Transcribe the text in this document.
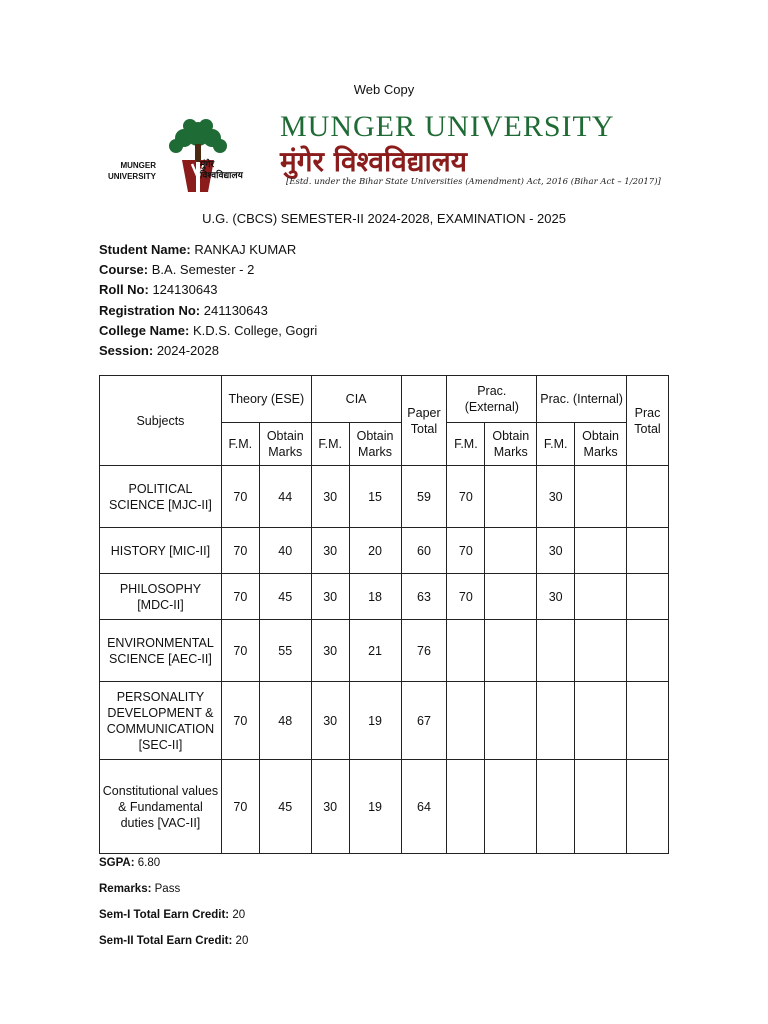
Web Copy
MUNGER
UNIVERSITY
मुंगेर
विश्वविद्यालय
MUNGER UNIVERSITY
मुंगेर विश्वविद्यालय
[Estd. under the Bihar State Universities (Amendment) Act, 2016 (Bihar Act – 1/2017)]
U.G. (CBCS) SEMESTER-II 2024-2028, EXAMINATION - 2025
Student Name: RANKAJ KUMAR
Course: B.A. Semester - 2
Roll No: 124130643
Registration No: 241130643
College Name: K.D.S. College, Gogri
Session: 2024-2028
Subjects	Theory (ESE)		CIA		Paper Total	Prac. (External)		Prac. (Internal)		Prac Total
	F.M.	Obtain Marks	F.M.	Obtain Marks		F.M.	Obtain Marks	F.M.	Obtain Marks	
POLITICAL SCIENCE [MJC-II]	70	44	30	15	59	70		30		
HISTORY [MIC-II]	70	40	30	20	60	70		30		
PHILOSOPHY [MDC-II]	70	45	30	18	63	70		30		
ENVIRONMENTAL SCIENCE [AEC-II]	70	55	30	21	76					
PERSONALITY DEVELOPMENT & COMMUNICATION [SEC-II]	70	48	30	19	67					
Constitutional values & Fundamental duties [VAC-II]	70	45	30	19	64					
SGPA: 6.80
Remarks: Pass
Sem-I Total Earn Credit: 20
Sem-II Total Earn Credit: 20
